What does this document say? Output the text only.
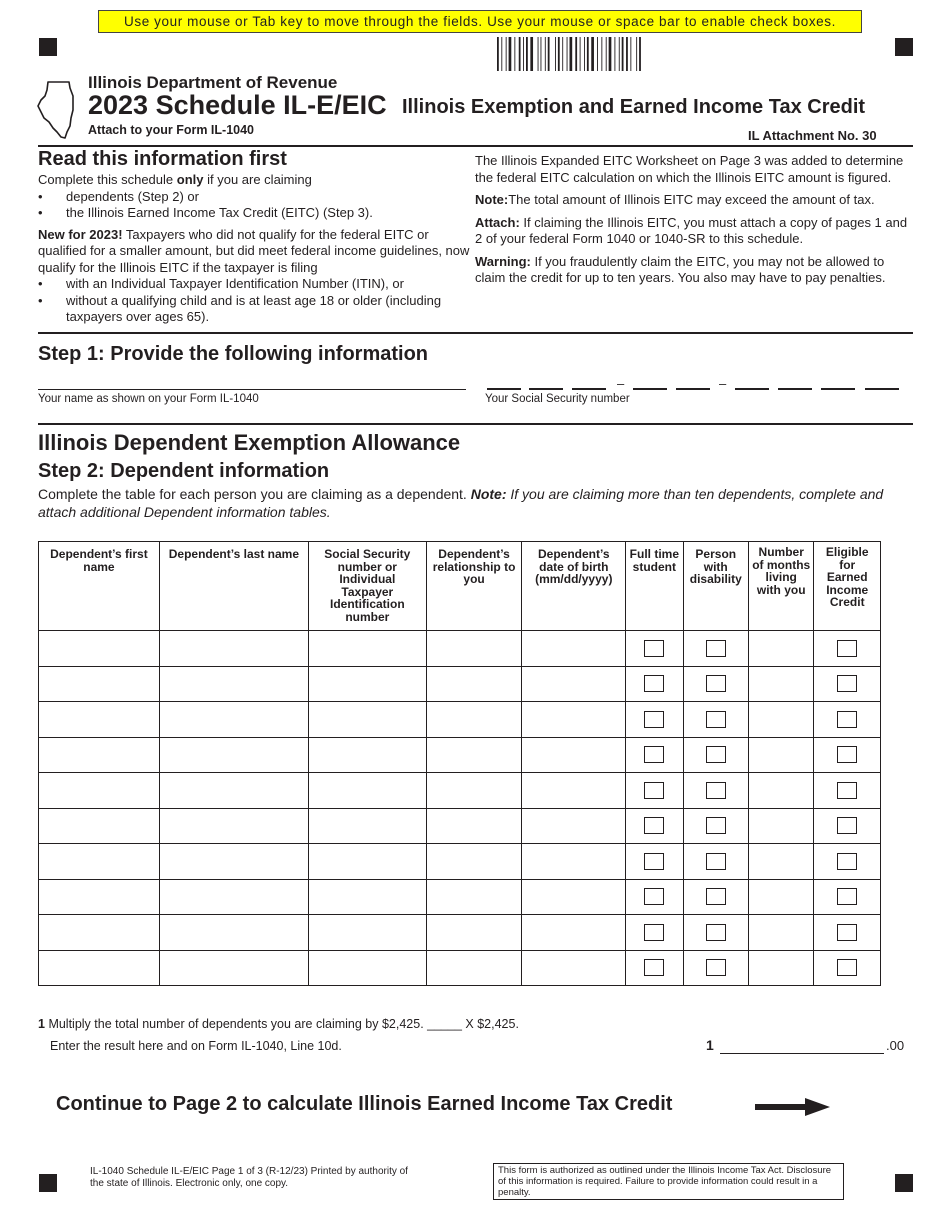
Use your mouse or Tab key to move through the fields. Use your mouse or space bar to enable check boxes.
Illinois Department of Revenue
2023 Schedule IL-E/EIC Illinois Exemption and Earned Income Tax Credit
Attach to your Form IL-1040	IL Attachment No. 30
Read this information first
Complete this schedule only if you are claiming
•	dependents (Step 2) or
•	the Illinois Earned Income Tax Credit (EITC) (Step 3).
New for 2023! Taxpayers who did not qualify for the federal EITC or qualified for a smaller amount, but did meet federal income guidelines, now qualify for the Illinois EITC if the taxpayer is filing
•	with an Individual Taxpayer Identification Number (ITIN), or
•	without a qualifying child and is at least age 18 or older (including taxpayers over ages 65).
The Illinois Expanded EITC Worksheet on Page 3 was added to determine the federal EITC calculation on which the Illinois EITC amount is figured.
Note:The total amount of Illinois EITC may exceed the amount of tax.
Attach: If claiming the Illinois EITC, you must attach a copy of pages 1 and 2 of your federal Form 1040 or 1040-SR to this schedule.
Warning: If you fraudulently claim the EITC, you may not be allowed to claim the credit for up to ten years. You also may have to pay penalties.
Step 1: Provide the following information
Your name as shown on your Form IL-1040
–	–
Your Social Security number
Illinois Dependent Exemption Allowance
Step 2: Dependent information
Complete the table for each person you are claiming as a dependent. Note: If you are claiming more than ten dependents, complete and attach additional Dependent information tables.
Dependent’s first name	Dependent’s last name	Social Security number or Individual Taxpayer Identification number	Dependent’s relationship to you	Dependent’s date of birth (mm/dd/yyyy)	Full time student	Person with disability	Number of months living with you	Eligible for Earned Income Credit

1 Multiply the total number of dependents you are claiming by $2,425. _____ X $2,425.
Enter the result here and on Form IL-1040, Line 10d.	1	.00
Continue to Page 2 to calculate Illinois Earned Income Tax Credit
IL-1040 Schedule IL-E/EIC Page 1 of 3 (R-12/23) Printed by authority of the state of Illinois. Electronic only, one copy.
This form is authorized as outlined under the Illinois Income Tax Act. Disclosure of this information is required. Failure to provide information could result in a penalty.
